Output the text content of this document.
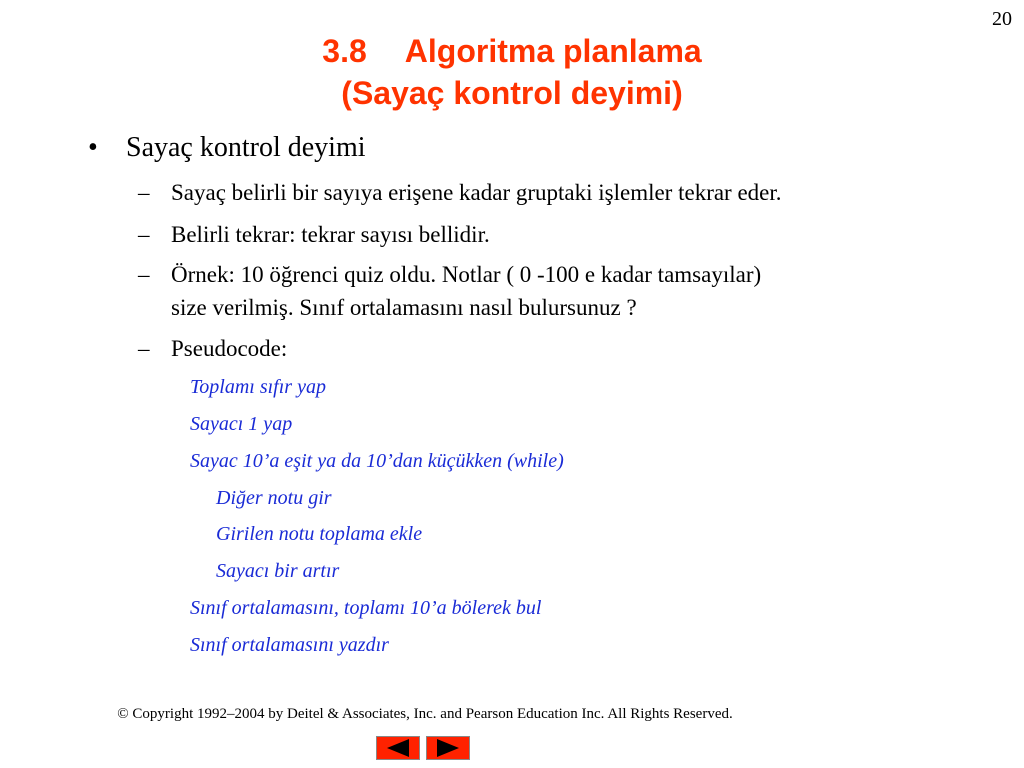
20
3.8 Algoritma planlama
(Sayaç kontrol deyimi)
• Sayaç kontrol deyimi
– Sayaç belirli bir sayıya erişene kadar gruptaki işlemler tekrar eder.
– Belirli tekrar: tekrar sayısı bellidir.
– Örnek: 10 öğrenci quiz oldu. Notlar ( 0 -100 e kadar tamsayılar)
size verilmiş. Sınıf ortalamasını nasıl bulursunuz ?
– Pseudocode:
Toplamı sıfır yap
Sayacı 1 yap
Sayac 10’a eşit ya da 10’dan küçükken (while)
Diğer notu gir
Girilen notu toplama ekle
Sayacı bir artır
Sınıf ortalamasını, toplamı 10’a bölerek bul
Sınıf ortalamasını yazdır
© Copyright 1992–2004 by Deitel & Associates, Inc. and Pearson Education Inc. All Rights Reserved.
